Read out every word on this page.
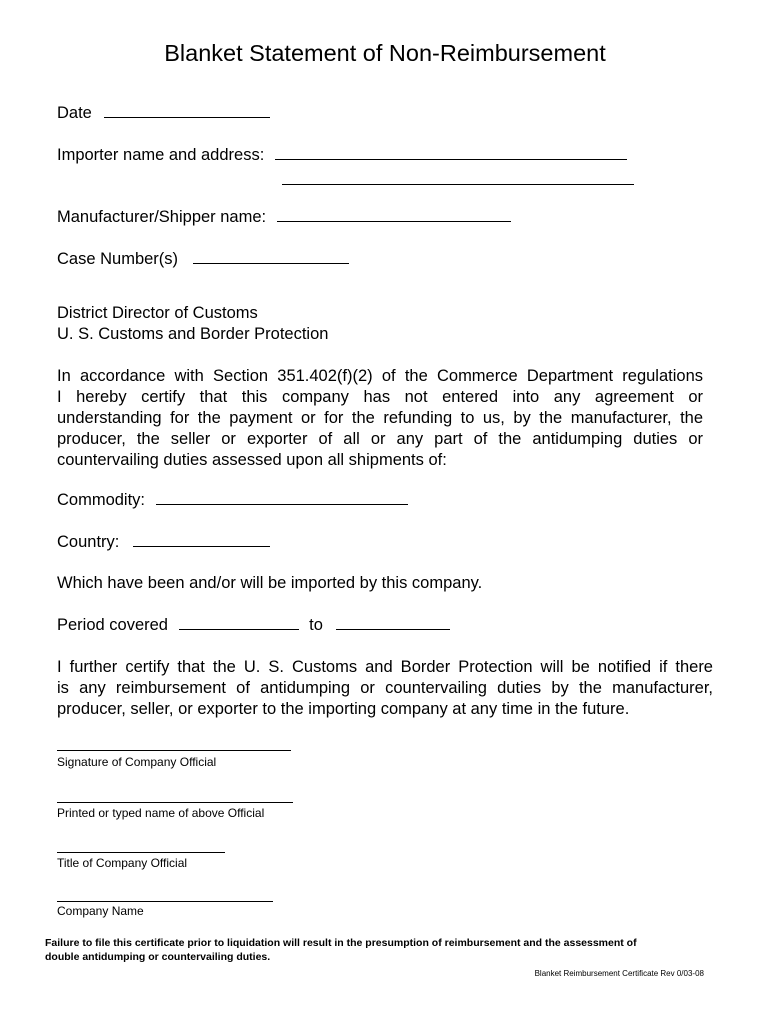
Blanket Statement of Non-Reimbursement
Date
Importer name and address:
Manufacturer/Shipper name:
Case Number(s)
District Director of Customs
U. S. Customs and Border Protection
In accordance with Section 351.402(f)(2) of the Commerce Department regulations
I hereby certify that this company has not entered into any agreement or
understanding for the payment or for the refunding to us, by the manufacturer, the
producer, the seller or exporter of all or any part of the antidumping duties or
countervailing duties assessed upon all shipments of:
Commodity:
Country:
Which have been and/or will be imported by this company.
Period covered	to
I further certify that the U. S. Customs and Border Protection will be notified if there
is any reimbursement of antidumping or countervailing duties by the manufacturer,
producer, seller, or exporter to the importing company at any time in the future.
Signature of Company Official
Printed or typed name of above Official
Title of Company Official
Company Name
Failure to file this certificate prior to liquidation will result in the presumption of reimbursement and the assessment of
double antidumping or countervailing duties.
Blanket Reimbursement Certificate Rev 0/03-08
